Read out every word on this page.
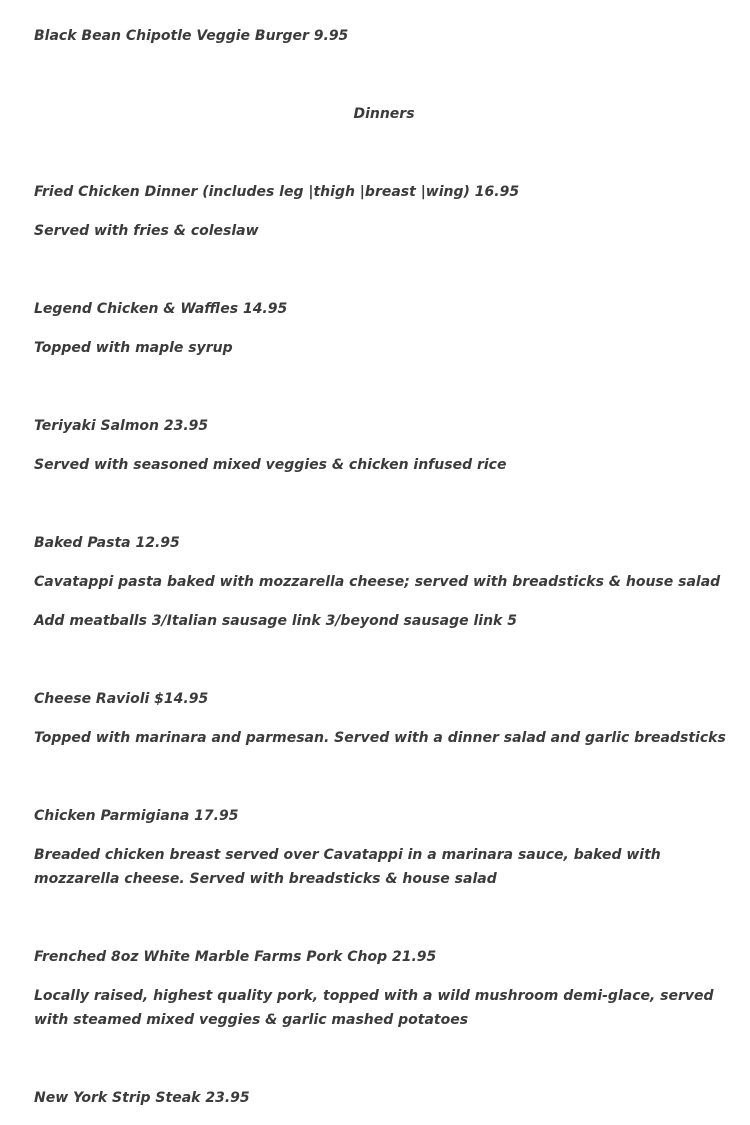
Black Bean Chipotle Veggie Burger 9.95
Dinners
Fried Chicken Dinner (includes leg |thigh |breast |wing) 16.95
Served with fries & coleslaw
Legend Chicken & Waffles 14.95
Topped with maple syrup
Teriyaki Salmon 23.95
Served with seasoned mixed veggies & chicken infused rice
Baked Pasta 12.95
Cavatappi pasta baked with mozzarella cheese; served with breadsticks & house salad
Add meatballs 3/Italian sausage link 3/beyond sausage link 5
Cheese Ravioli $14.95
Topped with marinara and parmesan. Served with a dinner salad and garlic breadsticks
Chicken Parmigiana 17.95
Breaded chicken breast served over Cavatappi in a marinara sauce, baked with mozzarella cheese. Served with breadsticks & house salad
Frenched 8oz White Marble Farms Pork Chop 21.95
Locally raised, highest quality pork, topped with a wild mushroom demi-glace, served with steamed mixed veggies & garlic mashed potatoes
New York Strip Steak 23.95
